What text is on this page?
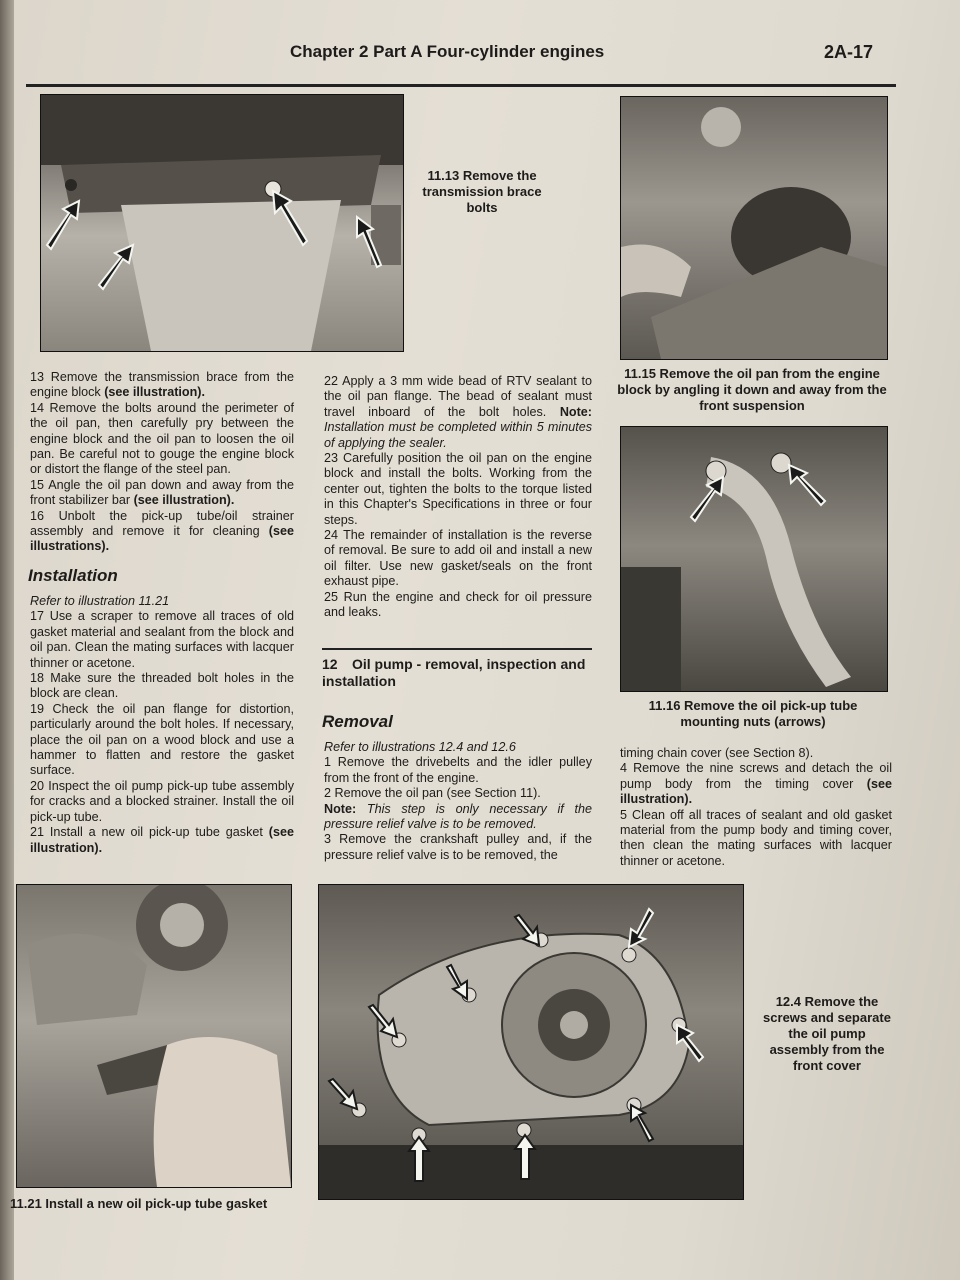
Chapter 2 Part A Four-cylinder engines	2A-17
11.13 Remove the transmission brace bolts
11.15 Remove the oil pan from the engine block by angling it down and away from the front suspension
11.16 Remove the oil pick-up tube mounting nuts (arrows)

13 Remove the transmission brace from the engine block (see illustration).

14 Remove the bolts around the perimeter of the oil pan, then carefully pry between the engine block and the oil pan to loosen the oil pan. Be careful not to gouge the engine block or distort the flange of the steel pan.

15 Angle the oil pan down and away from the front stabilizer bar (see illustration).

16 Unbolt the pick-up tube/oil strainer assembly and remove it for cleaning (see illustrations).

Installation

Refer to illustration 11.21

17 Use a scraper to remove all traces of old gasket material and sealant from the block and oil pan. Clean the mating surfaces with lacquer thinner or acetone.

18 Make sure the threaded bolt holes in the block are clean.

19 Check the oil pan flange for distortion, particularly around the bolt holes. If necessary, place the oil pan on a wood block and use a hammer to flatten and restore the gasket surface.

20 Inspect the oil pump pick-up tube assembly for cracks and a blocked strainer. Install the oil pick-up tube.

21 Install a new oil pick-up tube gasket (see illustration).

22 Apply a 3 mm wide bead of RTV sealant to the oil pan flange. The bead of sealant must travel inboard of the bolt holes. Note: Installation must be completed within 5 minutes of applying the sealer.

23 Carefully position the oil pan on the engine block and install the bolts. Working from the center out, tighten the bolts to the torque listed in this Chapter's Specifications in three or four steps.

24 The remainder of installation is the reverse of removal. Be sure to add oil and install a new oil filter. Use new gasket/seals on the front exhaust pipe.

25 Run the engine and check for oil pressure and leaks.

12 Oil pump - removal, inspection and installation
Removal

Refer to illustrations 12.4 and 12.6

1 Remove the drivebelts and the idler pulley from the front of the engine.

2 Remove the oil pan (see Section 11).
Note: This step is only necessary if the pressure relief valve is to be removed.

3 Remove the crankshaft pulley and, if the pressure relief valve is to be removed, the

timing chain cover (see Section 8).

4 Remove the nine screws and detach the oil pump body from the timing cover (see illustration).

5 Clean off all traces of sealant and old gasket material from the pump body and timing cover, then clean the mating surfaces with lacquer thinner or acetone.

11.21 Install a new oil pick-up tube gasket
12.4 Remove the screws and separate the oil pump assembly from the front cover
